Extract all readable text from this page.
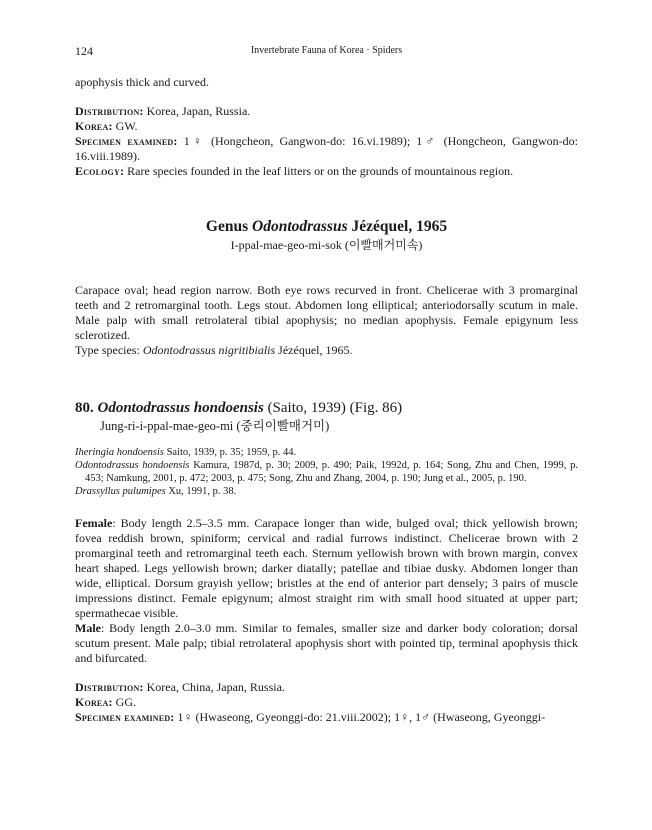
124	Invertebrate Fauna of Korea · Spiders

apophysis thick and curved.

Distribution: Korea, Japan, Russia.

Korea: GW.

Specimen examined: 1♀ (Hongcheon, Gangwon-do: 16.vi.1989); 1♂ (Hongcheon, Gangwon-do: 16.viii.1989).

Ecology: Rare species founded in the leaf litters or on the grounds of mountainous region.

Genus Odontodrassus Jézéquel, 1965
I-ppal-mae-geo-mi-sok (이빨매거미속)

Carapace oval; head region narrow. Both eye rows recurved in front. Chelicerae with 3 promarginal teeth and 2 retromarginal tooth. Legs stout. Abdomen long elliptical; anteriodorsally scutum in male. Male palp with small retrolateral tibial apophysis; no median apophysis. Female epigynum less sclerotized.

Type species: Odontodrassus nigritibialis Jézéquel, 1965.

80. Odontodrassus hondoensis (Saito, 1939) (Fig. 86)
Jung-ri-i-ppal-mae-geo-mi (중리이빨매거미)

Iheringia hondoensis Saito, 1939, p. 35; 1959, p. 44.

Odontodrassus hondoensis Kamura, 1987d, p. 30; 2009, p. 490; Paik, 1992d, p. 164; Song, Zhu and Chen, 1999, p. 453; Namkung, 2001, p. 472; 2003, p. 475; Song, Zhu and Zhang, 2004, p. 190; Jung et al., 2005, p. 190.

Drassyllus pulumipes Xu, 1991, p. 38.

Female: Body length 2.5–3.5 mm. Carapace longer than wide, bulged oval; thick yellowish brown; fovea reddish brown, spiniform; cervical and radial furrows indistinct. Chelicerae brown with 2 promarginal teeth and retromarginal teeth each. Sternum yellowish brown with brown margin, convex heart shaped. Legs yellowish brown; darker diatally; patellae and tibiae dusky. Abdomen longer than wide, elliptical. Dorsum grayish yellow; bristles at the end of anterior part densely; 3 pairs of muscle impressions distinct. Female epigynum; almost straight rim with small hood situated at upper part; spermathecae visible.

Male: Body length 2.0–3.0 mm. Similar to females, smaller size and darker body coloration; dorsal scutum present. Male palp; tibial retrolateral apophysis short with pointed tip, terminal apophysis thick and bifurcated.

Distribution: Korea, China, Japan, Russia.

Korea: GG.

Specimen examined: 1♀ (Hwaseong, Gyeonggi-do: 21.viii.2002); 1♀, 1♂ (Hwaseong, Gyeonggi-
